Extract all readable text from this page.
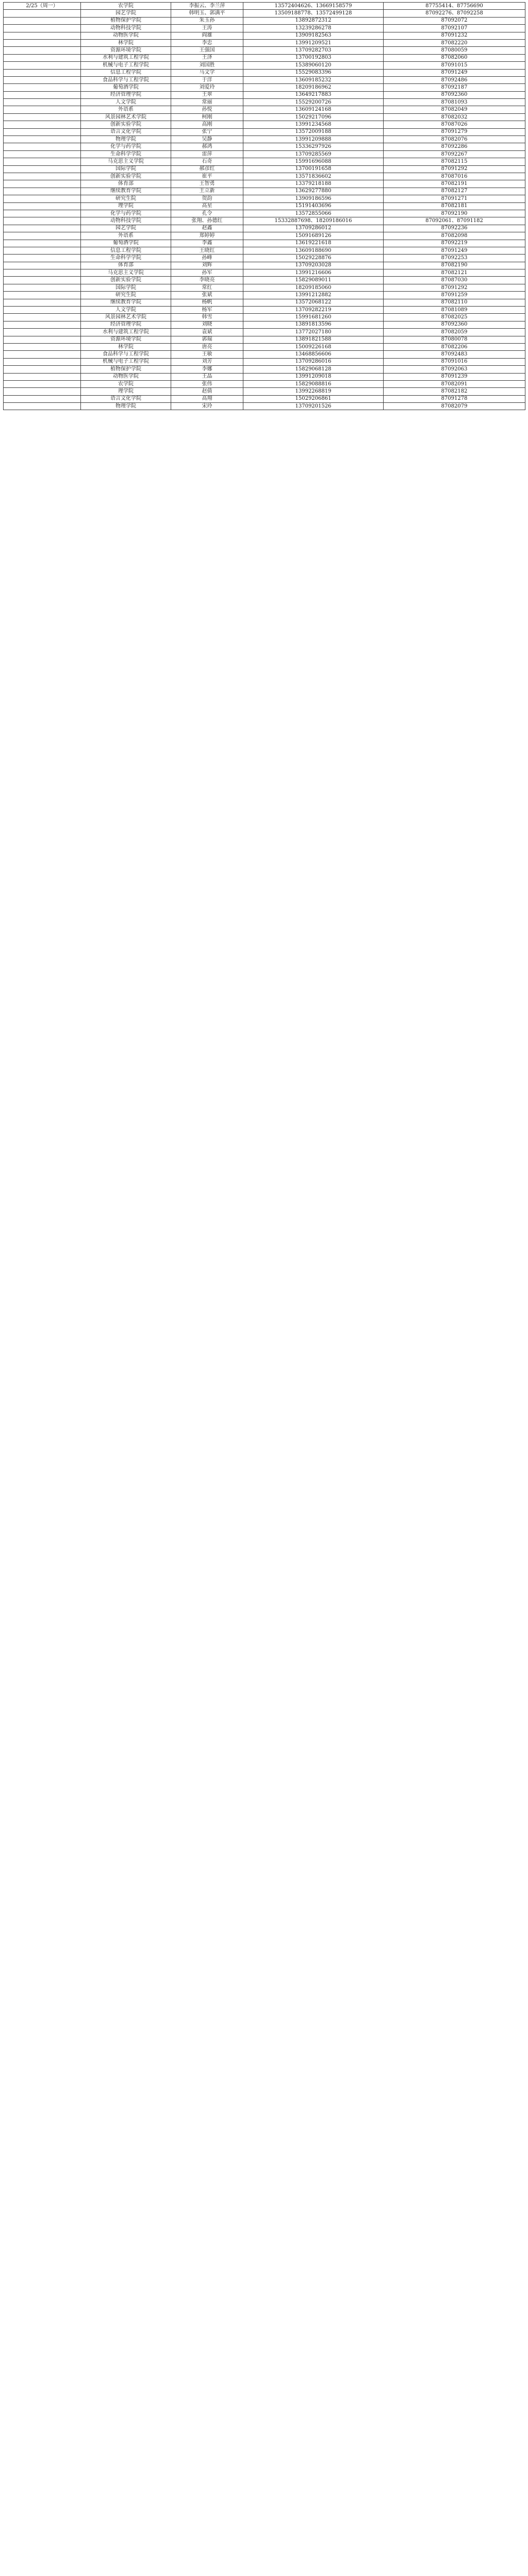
2/25（周一）	农学院	李振云、李兰萍	13572404626、13669158579	87755414、87756690
	园艺学院	韩明玉、郭满平	13509188778、13572499128	87092276、87092258
	植物保护学院	朱玉孙	13892872312	87092072
	动物科技学院	王涛	13239286278	87092107
	动物医学院	阎雄	13909182563	87091232
	林学院	李忠	13991209521	87082220
	资源环境学院	王强国	13709282703	87080059
	水利与建筑工程学院	王泽	13700192803	87082060
	机械与电子工程学院	刘国胜	15389060120	87091015
	信息工程学院	马文学	15529083396	87091249
	食品科学与工程学院	于洋	13609185232	87092486
	葡萄酒学院	刘爱玲	18209186962	87092187
	经济管理学院	王翠	13649217883	87092360
	人文学院	常丽	15529200726	87081093
	外语系	孙悦	13609124168	87082049
	风景园林艺术学院	柯刚	15029217096	87082032
	创新实验学院	高刚	13991234568	87087026
	语言文化学院	张宁	13572009188	87091279
	物理学院	吴静	13991209888	87082076
	化学与药学院	郝鸿	15336297926	87092286
	生命科学学院	雷萍	13709285569	87092267
	马克思主义学院	石奇	15991696088	87082115
	国际学院	郝彦红	13700191658	87091292
	创新实验学院	崔平	13571836602	87087016
	体育部	王智勇	13379218188	87082191
	继续教育学院	王立新	13629277880	87082127
	研究生院	贺韵	13909186596	87091271
	理学院	高星	15191403696	87082181
	化学与药学院	孔令	13572855066	87092190
	动物科技学院	张翔、孙德红	15332887698、18209186016	87092061、87091182
	园艺学院	赵鑫	13709286012	87092236
	外语系	郑婷婷	15091689126	87082098
	葡萄酒学院	李鑫	13619221618	87092219
	信息工程学院	王晓红	13609188690	87091249
	生命科学学院	孙峰	15029228876	87092253
	体育部	刘辉	13709203028	87082190
	马克思主义学院	孙军	13991216606	87082121
	创新实验学院	李晓亮	15829089011	87087030
	国际学院	常红	18209185060	87091292
	研究生院	张斌	13991212882	87091259
	继续教育学院	杨帆	13572068122	87082110
	人文学院	杨军	13709282219	87081089
	风景园林艺术学院	韩雪	15991681260	87082025
	经济管理学院	刘晓	13891813596	87092360
	水利与建筑工程学院	袁斌	13772027180	87082059
	资源环境学院	郭瑞	13891821588	87080078
	林学院	唐亮	15009226168	87082206
	食品科学与工程学院	王敏	13468856606	87092483
	机械与电子工程学院	刘芳	13709286016	87091016
	植物保护学院	李娜	15829068128	87092063
	动物医学院	王晶	13991209018	87091239
	农学院	张伟	15829088816	87082091
	理学院	赵倩	13992268819	87082182
	语言文化学院	高翔	15029206861	87091278
	物理学院	宋玲	13709201526	87082079
